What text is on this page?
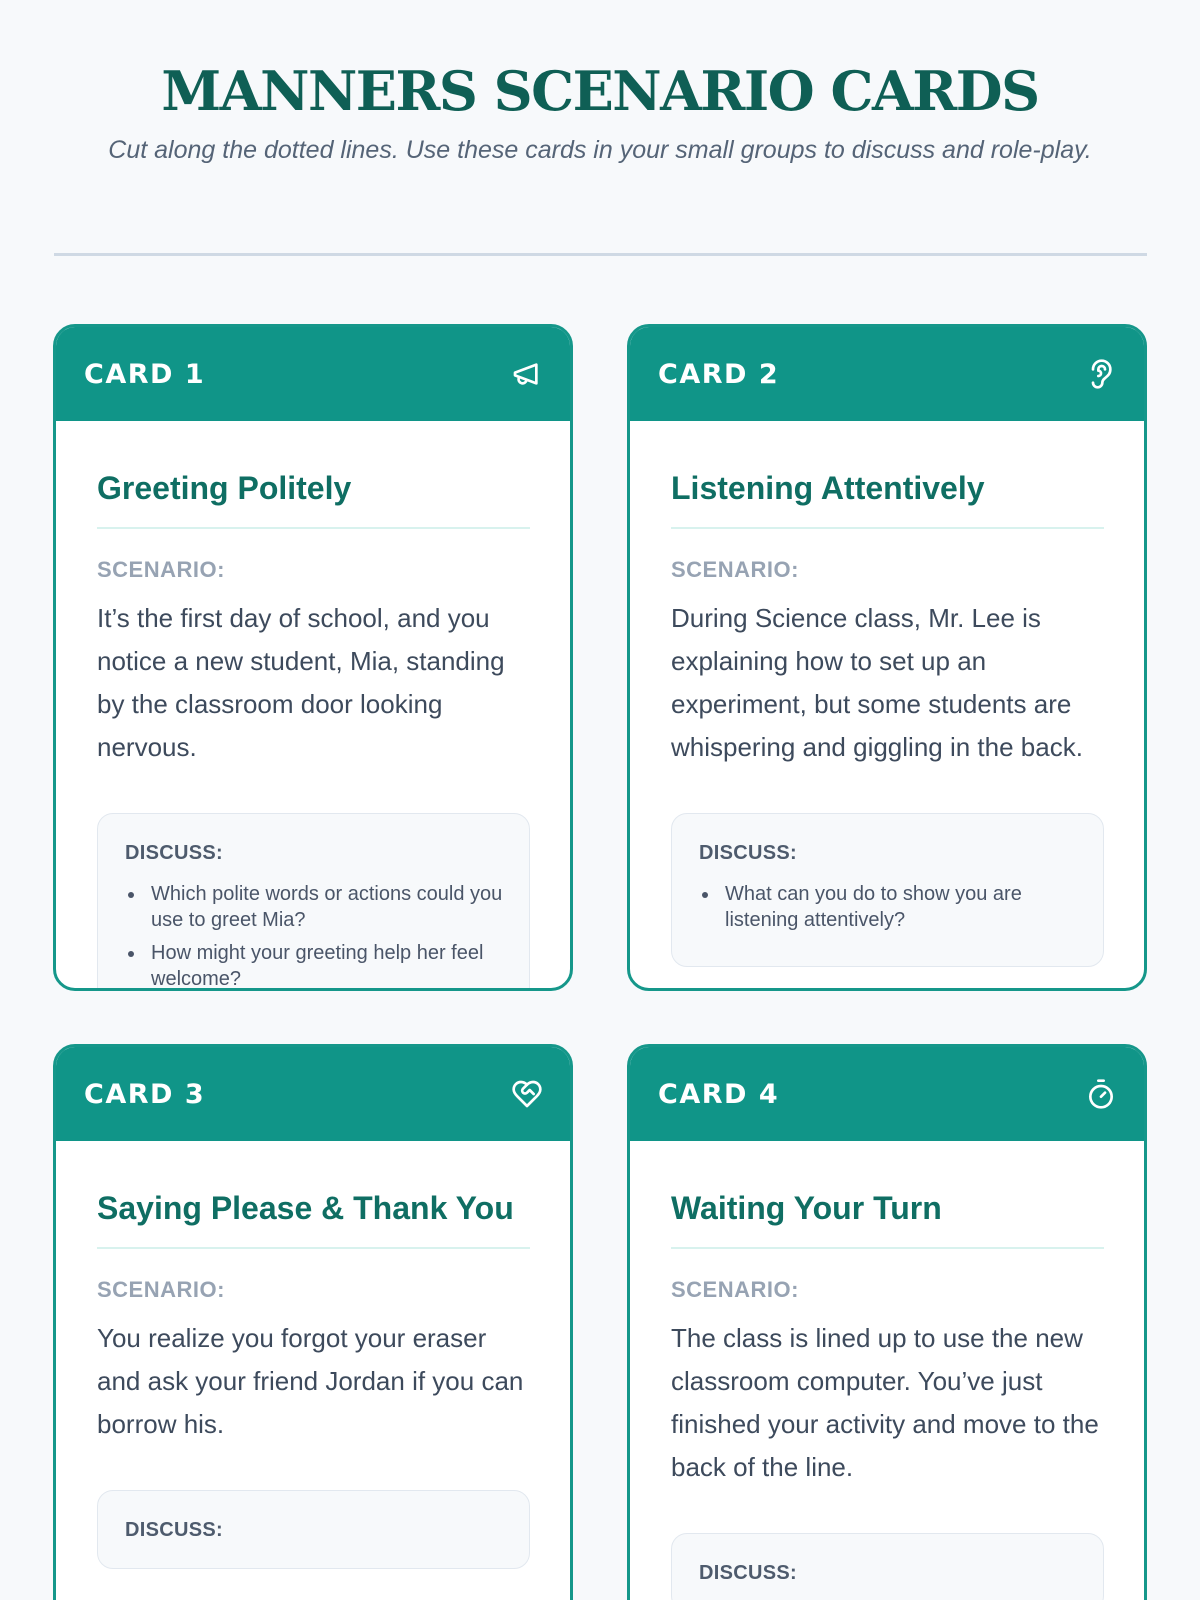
MANNERS SCENARIO CARDS

Cut along the dotted lines. Use these cards in your small groups to discuss and role-play.

CARD 1
Greeting Politely
SCENARIO:

It’s the first day of school, and you notice a new student, Mia, standing by the classroom door looking nervous.

DISCUSS:
Which polite words or actions could you use to greet Mia?
How might your greeting help her feel welcome?
CARD 2
Listening Attentively
SCENARIO:

During Science class, Mr. Lee is explaining how to set up an experiment, but some students are whispering and giggling in the back.

DISCUSS:
What can you do to show you are listening attentively?
CARD 3
Saying Please & Thank You
SCENARIO:

You realize you forgot your eraser and ask your friend Jordan if you can borrow his.

DISCUSS:
CARD 4
Waiting Your Turn
SCENARIO:

The class is lined up to use the new classroom computer. You’ve just finished your activity and move to the back of the line.

DISCUSS:
